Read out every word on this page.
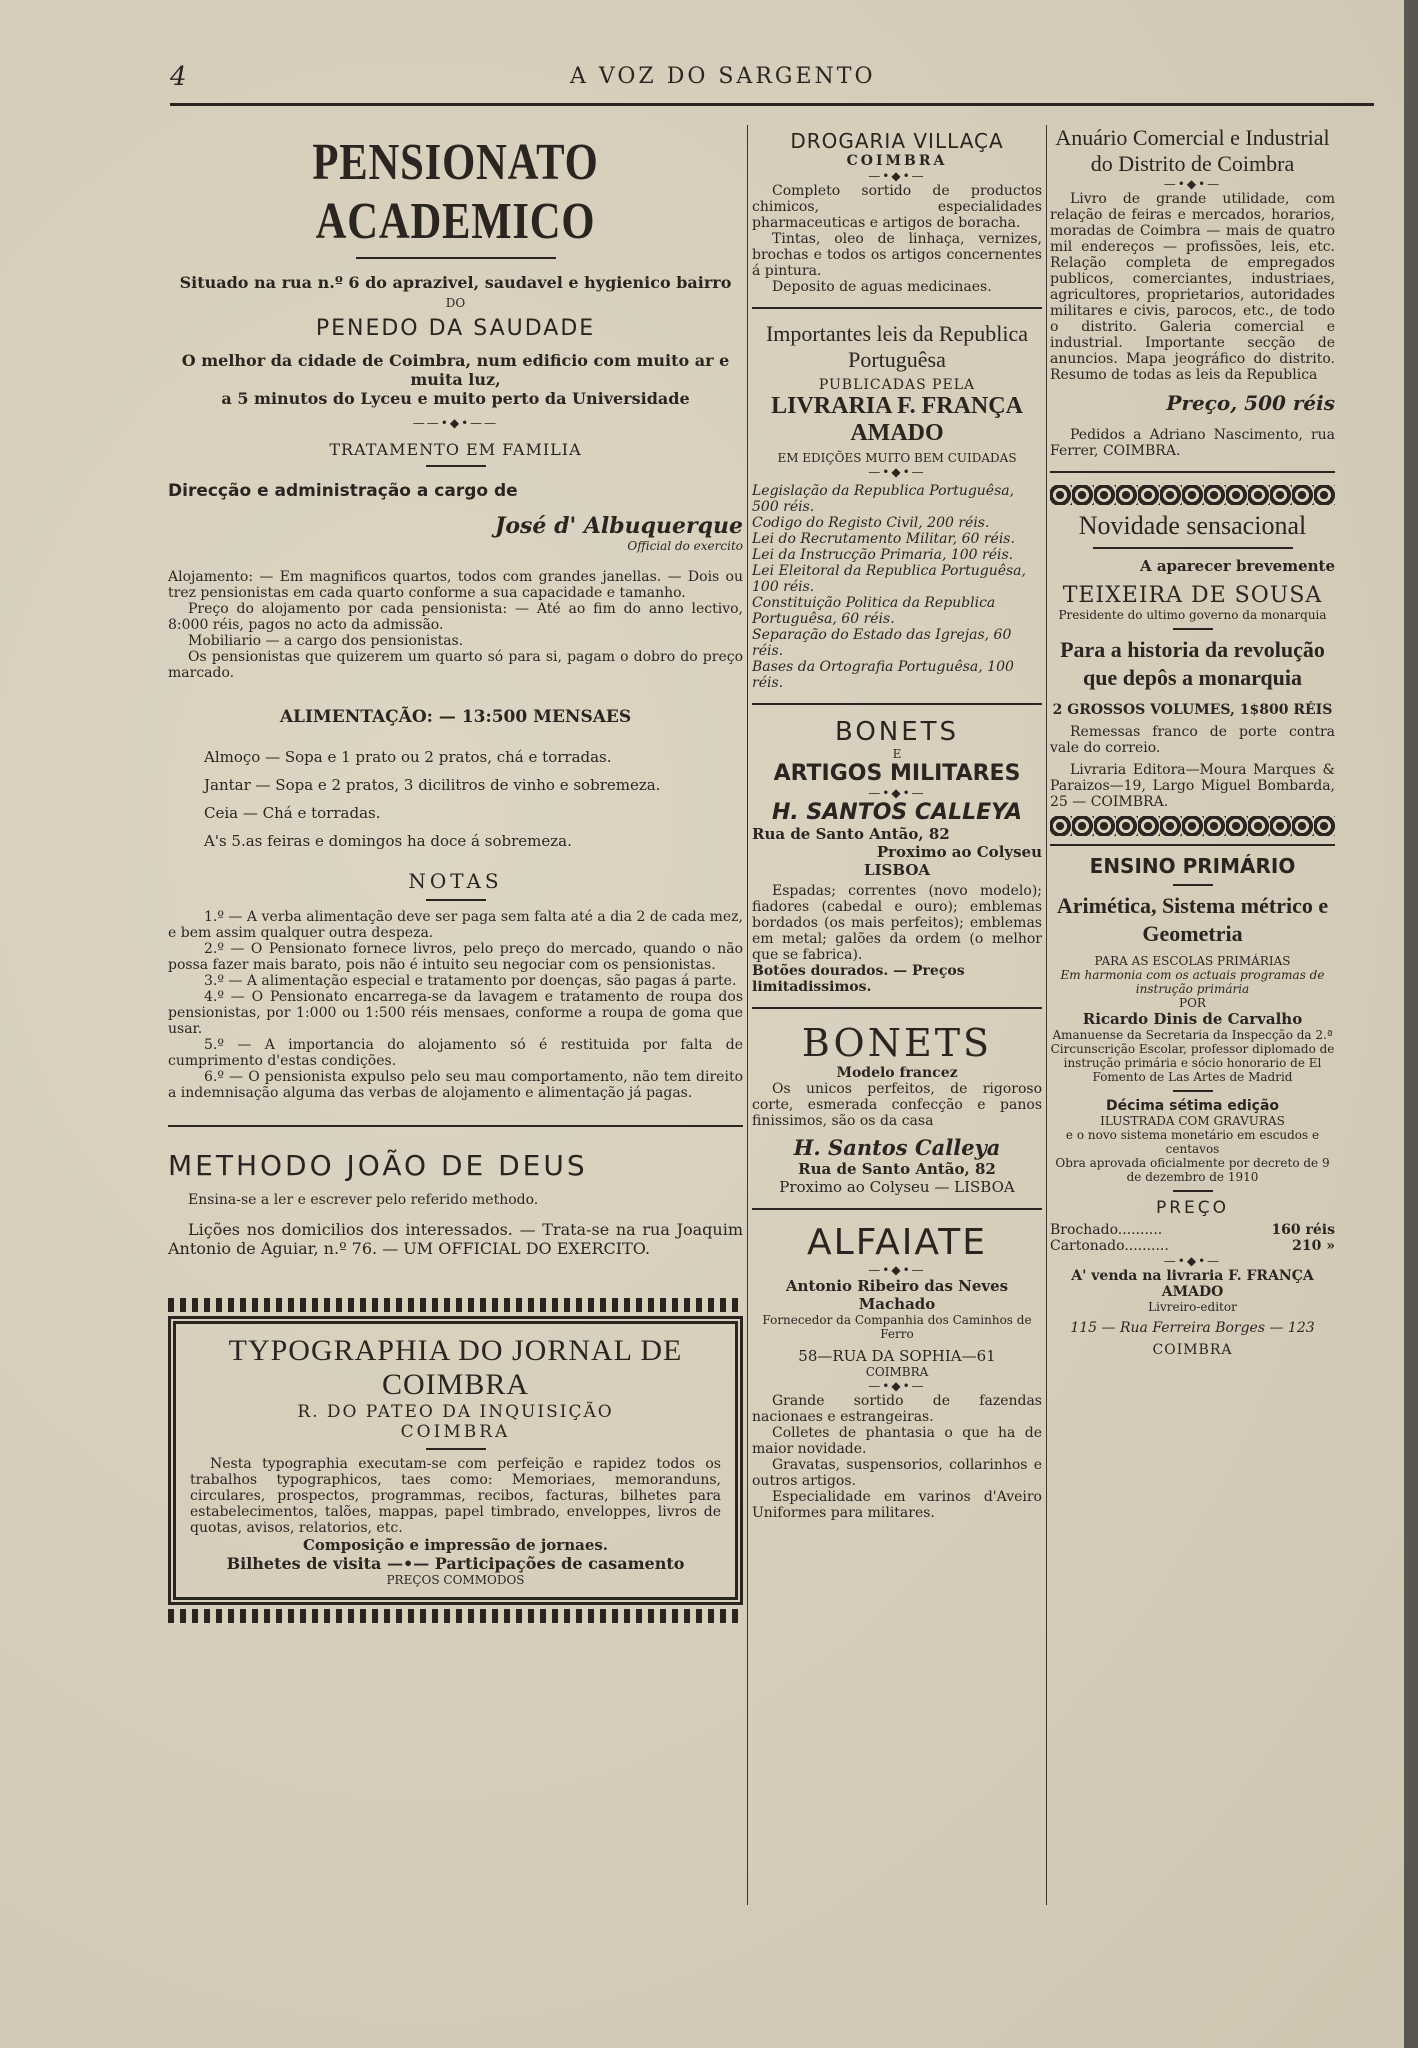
4	A VOZ DO SARGENTO
PENSIONATO ACADEMICO

Situado na rua n.º 6 do aprazivel, saudavel e hygienico bairro

DO

PENEDO DA SAUDADE

O melhor da cidade de Coimbra, num edificio com muito ar e muita luz,

a 5 minutos do Lyceu e muito perto da Universidade

——•◆•——

TRATAMENTO EM FAMILIA

Direcção e administração a cargo de

José d' Albuquerque

Official do exercito

Alojamento: — Em magnificos quartos, todos com grandes janellas. — Dois ou trez pensionistas em cada quarto conforme a sua capacidade e tamanho.

Preço do alojamento por cada pensionista: — Até ao fim do anno lectivo, 8:000 réis, pagos no acto da admissão.

Mobiliario — a cargo dos pensionistas.

Os pensionistas que quizerem um quarto só para si, pagam o dobro do preço marcado.

ALIMENTAÇÃO: — 13:500 MENSAES

Almoço — Sopa e 1 prato ou 2 pratos, chá e torradas.

Jantar — Sopa e 2 pratos, 3 dicilitros de vinho e sobremeza.

Ceia — Chá e torradas.

A's 5.as feiras e domingos ha doce á sobremeza.

NOTAS

1.º — A verba alimentação deve ser paga sem falta até a dia 2 de cada mez, e bem assim qualquer outra despeza.

2.º — O Pensionato fornece livros, pelo preço do mercado, quando o não possa fazer mais barato, pois não é intuito seu negociar com os pensionistas.

3.º — A alimentação especial e tratamento por doenças, são pagas á parte.

4.º — O Pensionato encarrega-se da lavagem e tratamento de roupa dos pensionistas, por 1:000 ou 1:500 réis mensaes, conforme a roupa de goma que usar.

5.º — A importancia do alojamento só é restituida por falta de cumprimento d'estas condições.

6.º — O pensionista expulso pelo seu mau comportamento, não tem direito a indemnisação alguma das verbas de alojamento e alimentação já pagas.

METHODO JOÃO DE DEUS

Ensina-se a ler e escrever pelo referido methodo.

Lições nos domicilios dos interessados. — Trata-se na rua Joaquim Antonio de Aguiar, n.º 76. — UM OFFICIAL DO EXERCITO.

TYPOGRAPHIA DO JORNAL DE COIMBRA

R. DO PATEO DA INQUISIÇÃO

COIMBRA

Nesta typographia executam-se com perfeição e rapidez todos os trabalhos typographicos, taes como: Memoriaes, memoranduns, circulares, prospectos, programmas, recibos, facturas, bilhetes para estabelecimentos, talões, mappas, papel timbrado, enveloppes, livros de quotas, avisos, relatorios, etc.

Composição e impressão de jornaes.

Bilhetes de visita —•— Participações de casamento

PREÇOS COMMODOS

DROGARIA VILLAÇA

COIMBRA

—•◆•—

Completo sortido de productos chimicos, especialidades pharmaceuticas e artigos de boracha.

Tintas, oleo de linhaça, vernizes, brochas e todos os artigos concernentes á pintura.

Deposito de aguas medicinaes.

Importantes leis da Republica Portuguêsa

PUBLICADAS PELA

LIVRARIA F. FRANÇA AMADO

EM EDIÇÕES MUITO BEM CUIDADAS

—•◆•—

Legislação da Republica Portuguêsa, 500 réis.

Codigo do Registo Civil, 200 réis.

Lei do Recrutamento Militar, 60 réis.

Lei da Instrucção Primaria, 100 réis.

Lei Eleitoral da Republica Portuguêsa, 100 réis.

Constituição Politica da Republica Portuguêsa, 60 réis.

Separação do Estado das Igrejas, 60 réis.

Bases da Ortografia Portuguêsa, 100 réis.

BONETS

E

ARTIGOS MILITARES

—•◆•—

H. SANTOS CALLEYA

Rua de Santo Antão, 82

Proximo ao Colyseu

LISBOA

Espadas; correntes (novo modelo); fiadores (cabedal e ouro); emblemas bordados (os mais perfeitos); emblemas em metal; galões da ordem (o melhor que se fabrica).

Botões dourados. — Preços limitadissimos.

BONETS

Modelo francez

Os unicos perfeitos, de rigoroso corte, esmerada confecção e panos finissimos, são os da casa

H. Santos Calleya

Rua de Santo Antão, 82

Proximo ao Colyseu — LISBOA

ALFAIATE

—•◆•—

Antonio Ribeiro das Neves Machado

Fornecedor da Companhia dos Caminhos de Ferro

58—RUA DA SOPHIA—61

COIMBRA

—•◆•—

Grande sortido de fazendas nacionaes e estrangeiras.

Colletes de phantasia o que ha de maior novidade.

Gravatas, suspensorios, collarinhos e outros artigos.

Especialidade em varinos d'Aveiro Uniformes para militares.

Anuário Comercial e Industrial do Distrito de Coimbra

—•◆•—

Livro de grande utilidade, com relação de feiras e mercados, horarios, moradas de Coimbra — mais de quatro mil endereços — profissões, leis, etc. Relação completa de empregados publicos, comerciantes, industriaes, agricultores, proprietarios, autoridades militares e civis, parocos, etc., de todo o distrito. Galeria comercial e industrial. Importante secção de anuncios. Mapa jeográfico do distrito. Resumo de todas as leis da Republica

Preço, 500 réis

Pedidos a Adriano Nascimento, rua Ferrer, COIMBRA.

Novidade sensacional

A aparecer brevemente

TEIXEIRA DE SOUSA

Presidente do ultimo governo da monarquia

Para a historia da revolução que depôs a monarquia

2 GROSSOS VOLUMES, 1$800 RÉIS

Remessas franco de porte contra vale do correio.

Livraria Editora—Moura Marques & Paraizos—19, Largo Miguel Bombarda, 25 — COIMBRA.

ENSINO PRIMÁRIO

Arimética, Sistema métrico e Geometria

PARA AS ESCOLAS PRIMÁRIAS

Em harmonia com os actuais programas de instrução primária

POR

Ricardo Dinis de Carvalho

Amanuense da Secretaria da Inspecção da 2.ª Circunscrição Escolar, professor diplomado de instrução primária e sócio honorario de El Fomento de Las Artes de Madrid

Décima sétima edição

ILUSTRADA COM GRAVURAS

e o novo sistema monetário em escudos e centavos

Obra aprovada oficialmente por decreto de 9 de dezembro de 1910

PREÇO

Brochado..........	160 réis
Cartonado..........	210 »

—•◆•—

A' venda na livraria F. FRANÇA AMADO

Livreiro-editor

115 — Rua Ferreira Borges — 123

COIMBRA
